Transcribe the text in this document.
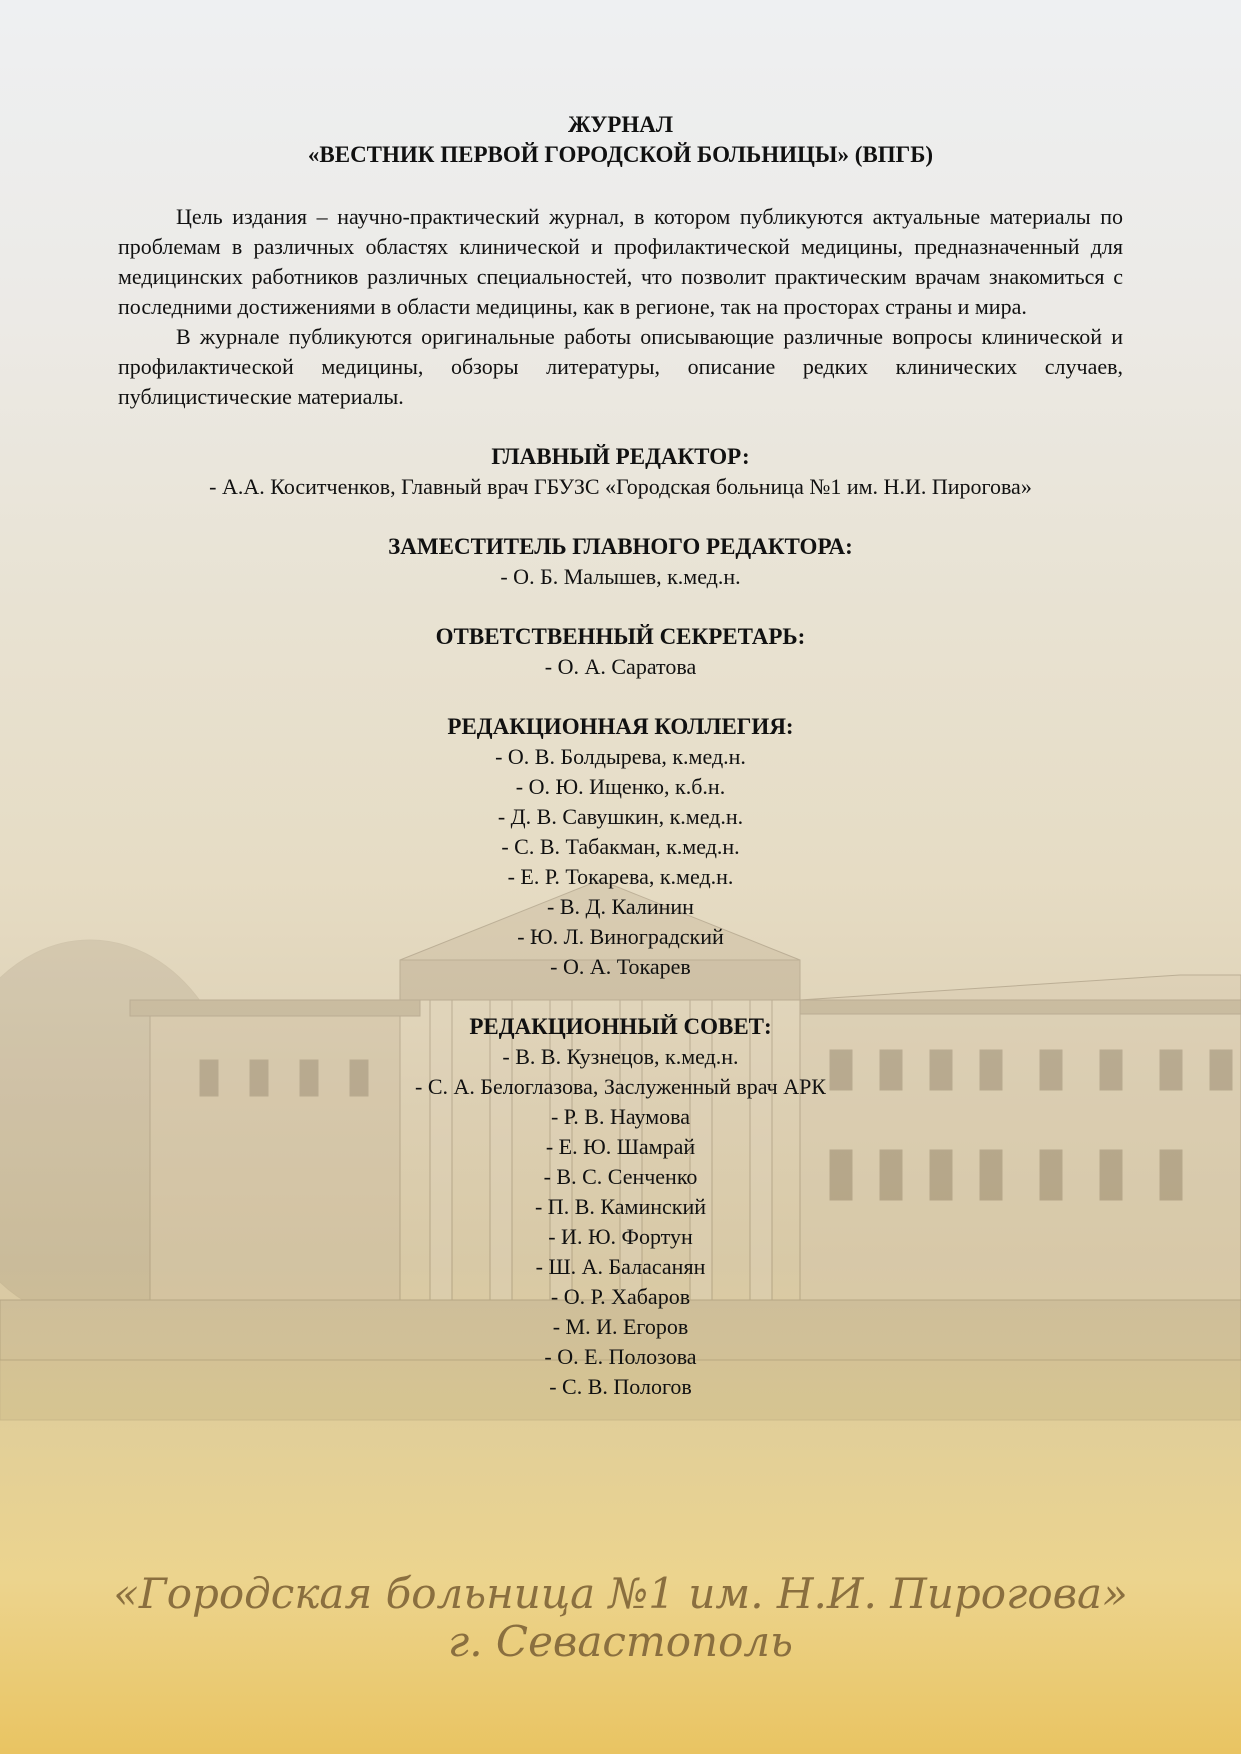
ЖУРНАЛ
«ВЕСТНИК ПЕРВОЙ ГОРОДСКОЙ БОЛЬНИЦЫ» (ВПГБ)

Цель издания – научно-практический журнал, в котором публикуются актуальные материалы по проблемам в различных областях клинической и профилактической медицины, предназначенный для медицинских работников различных специальностей, что позволит практическим врачам знакомиться с последними достижениями в области медицины, как в регионе, так на просторах страны и мира.

В журнале публикуются оригинальные работы описывающие различные вопросы клинической и профилактической медицины, обзоры литературы, описание редких клинических случаев, публицистические материалы.

ГЛАВНЫЙ РЕДАКТОР:
- А.А. Коситченков, Главный врач ГБУЗС «Городская больница №1 им. Н.И. Пирогова»
ЗАМЕСТИТЕЛЬ ГЛАВНОГО РЕДАКТОРА:
- О. Б. Малышев, к.мед.н.
ОТВЕТСТВЕННЫЙ СЕКРЕТАРЬ:
- О. А. Саратова
РЕДАКЦИОННАЯ КОЛЛЕГИЯ:
- О. В. Болдырева, к.мед.н.
- О. Ю. Ищенко, к.б.н.
- Д. В. Савушкин, к.мед.н.
- С. В. Табакман, к.мед.н.
- Е. Р. Токарева, к.мед.н.
- В. Д. Калинин
- Ю. Л. Виноградский
- О. А. Токарев
РЕДАКЦИОННЫЙ СОВЕТ:
- В. В. Кузнецов, к.мед.н.
- С. А. Белоглазова, Заслуженный врач АРК
- Р. В. Наумова
- Е. Ю. Шамрай
- В. С. Сенченко
- П. В. Каминский
- И. Ю. Фортун
- Ш. А. Баласанян
- О. Р. Хабаров
- М. И. Егоров
- О. Е. Полозова
- С. В. Пологов
«Городская больница №1 им. Н.И. Пирогова»
г. Севастополь
